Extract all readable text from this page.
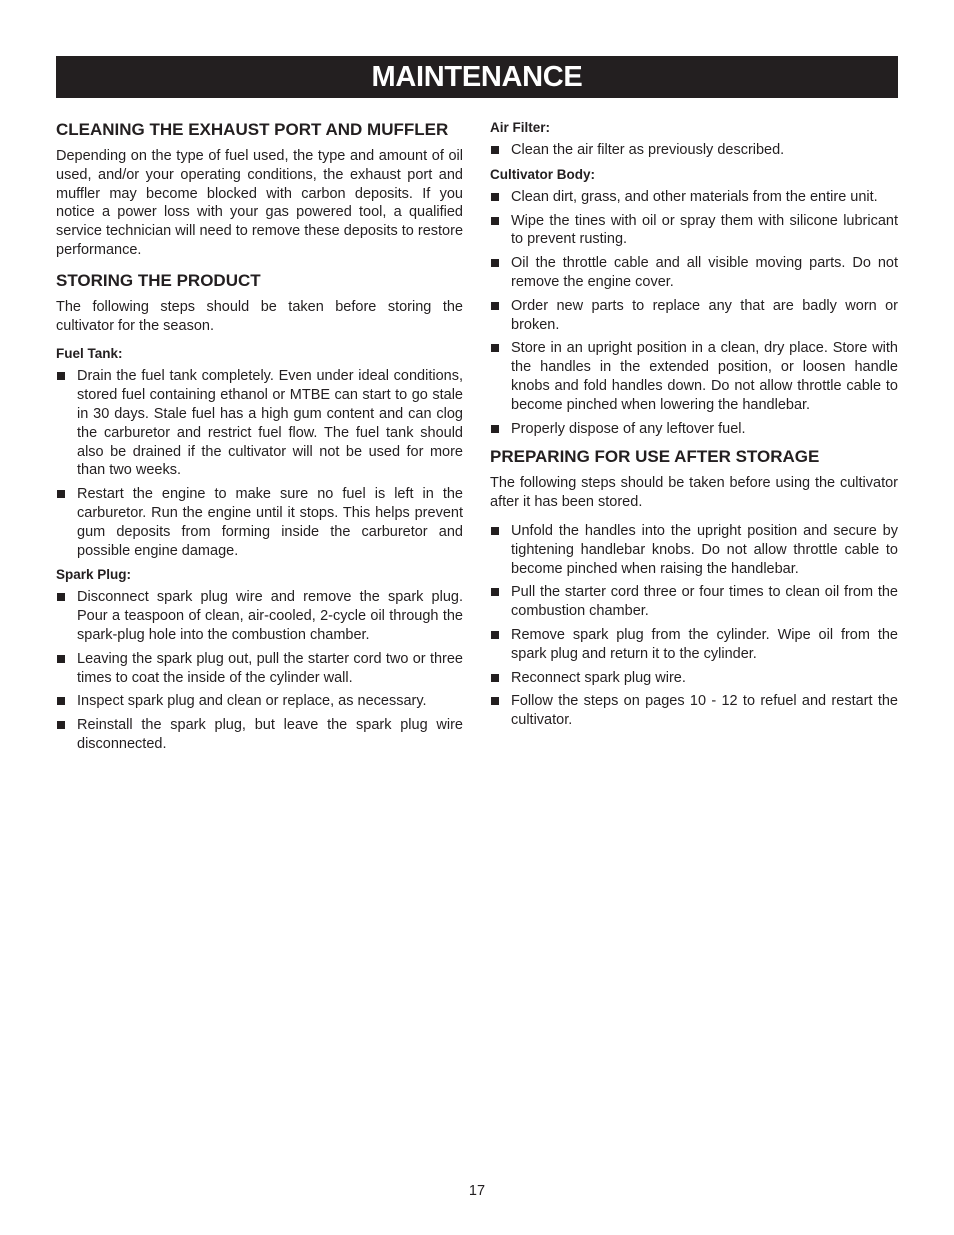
MAINTENANCE
CLEANING THE EXHAUST PORT AND MUFFLER

Depending on the type of fuel used, the type and amount of oil used, and/or your operating conditions, the exhaust port and muffler may become blocked with carbon deposits. If you notice a power loss with your gas powered tool, a qualified service technician will need to remove these deposits to restore performance.

STORING THE PRODUCT

The following steps should be taken before storing the cultivator for the season.

Fuel Tank:
Drain the fuel tank completely. Even under ideal conditions, stored fuel containing ethanol or MTBE can start to go stale in 30 days. Stale fuel has a high gum content and can clog the carburetor and restrict fuel flow. The fuel tank should also be drained if the cultivator will not be used for more than two weeks.
Restart the engine to make sure no fuel is left in the carburetor. Run the engine until it stops. This helps prevent gum deposits from forming inside the carburetor and possible engine damage.
Spark Plug:
Disconnect spark plug wire and remove the spark plug. Pour a teaspoon of clean, air-cooled, 2-cycle oil through the spark-plug hole into the combustion chamber.
Leaving the spark plug out, pull the starter cord two or three times to coat the inside of the cylinder wall.
Inspect spark plug and clean or replace, as necessary.
Reinstall the spark plug, but leave the spark plug wire disconnected.
Air Filter:
Clean the air filter as previously described.
Cultivator Body:
Clean dirt, grass, and other materials from the entire unit.
Wipe the tines with oil or spray them with silicone lubricant to prevent rusting.
Oil the throttle cable and all visible moving parts. Do not remove the engine cover.
Order new parts to replace any that are badly worn or broken.
Store in an upright position in a clean, dry place. Store with the handles in the extended position, or loosen handle knobs and fold handles down. Do not allow throttle cable to become pinched when lowering the handlebar.
Properly dispose of any leftover fuel.
PREPARING FOR USE AFTER STORAGE

The following steps should be taken before using the cultivator after it has been stored.

Unfold the handles into the upright position and secure by tightening handlebar knobs. Do not allow throttle cable to become pinched when raising the handlebar.
Pull the starter cord three or four times to clean oil from the combustion chamber.
Remove spark plug from the cylinder. Wipe oil from the spark plug and return it to the cylinder.
Reconnect spark plug wire.
Follow the steps on pages 10 - 12 to refuel and restart the cultivator.
17
